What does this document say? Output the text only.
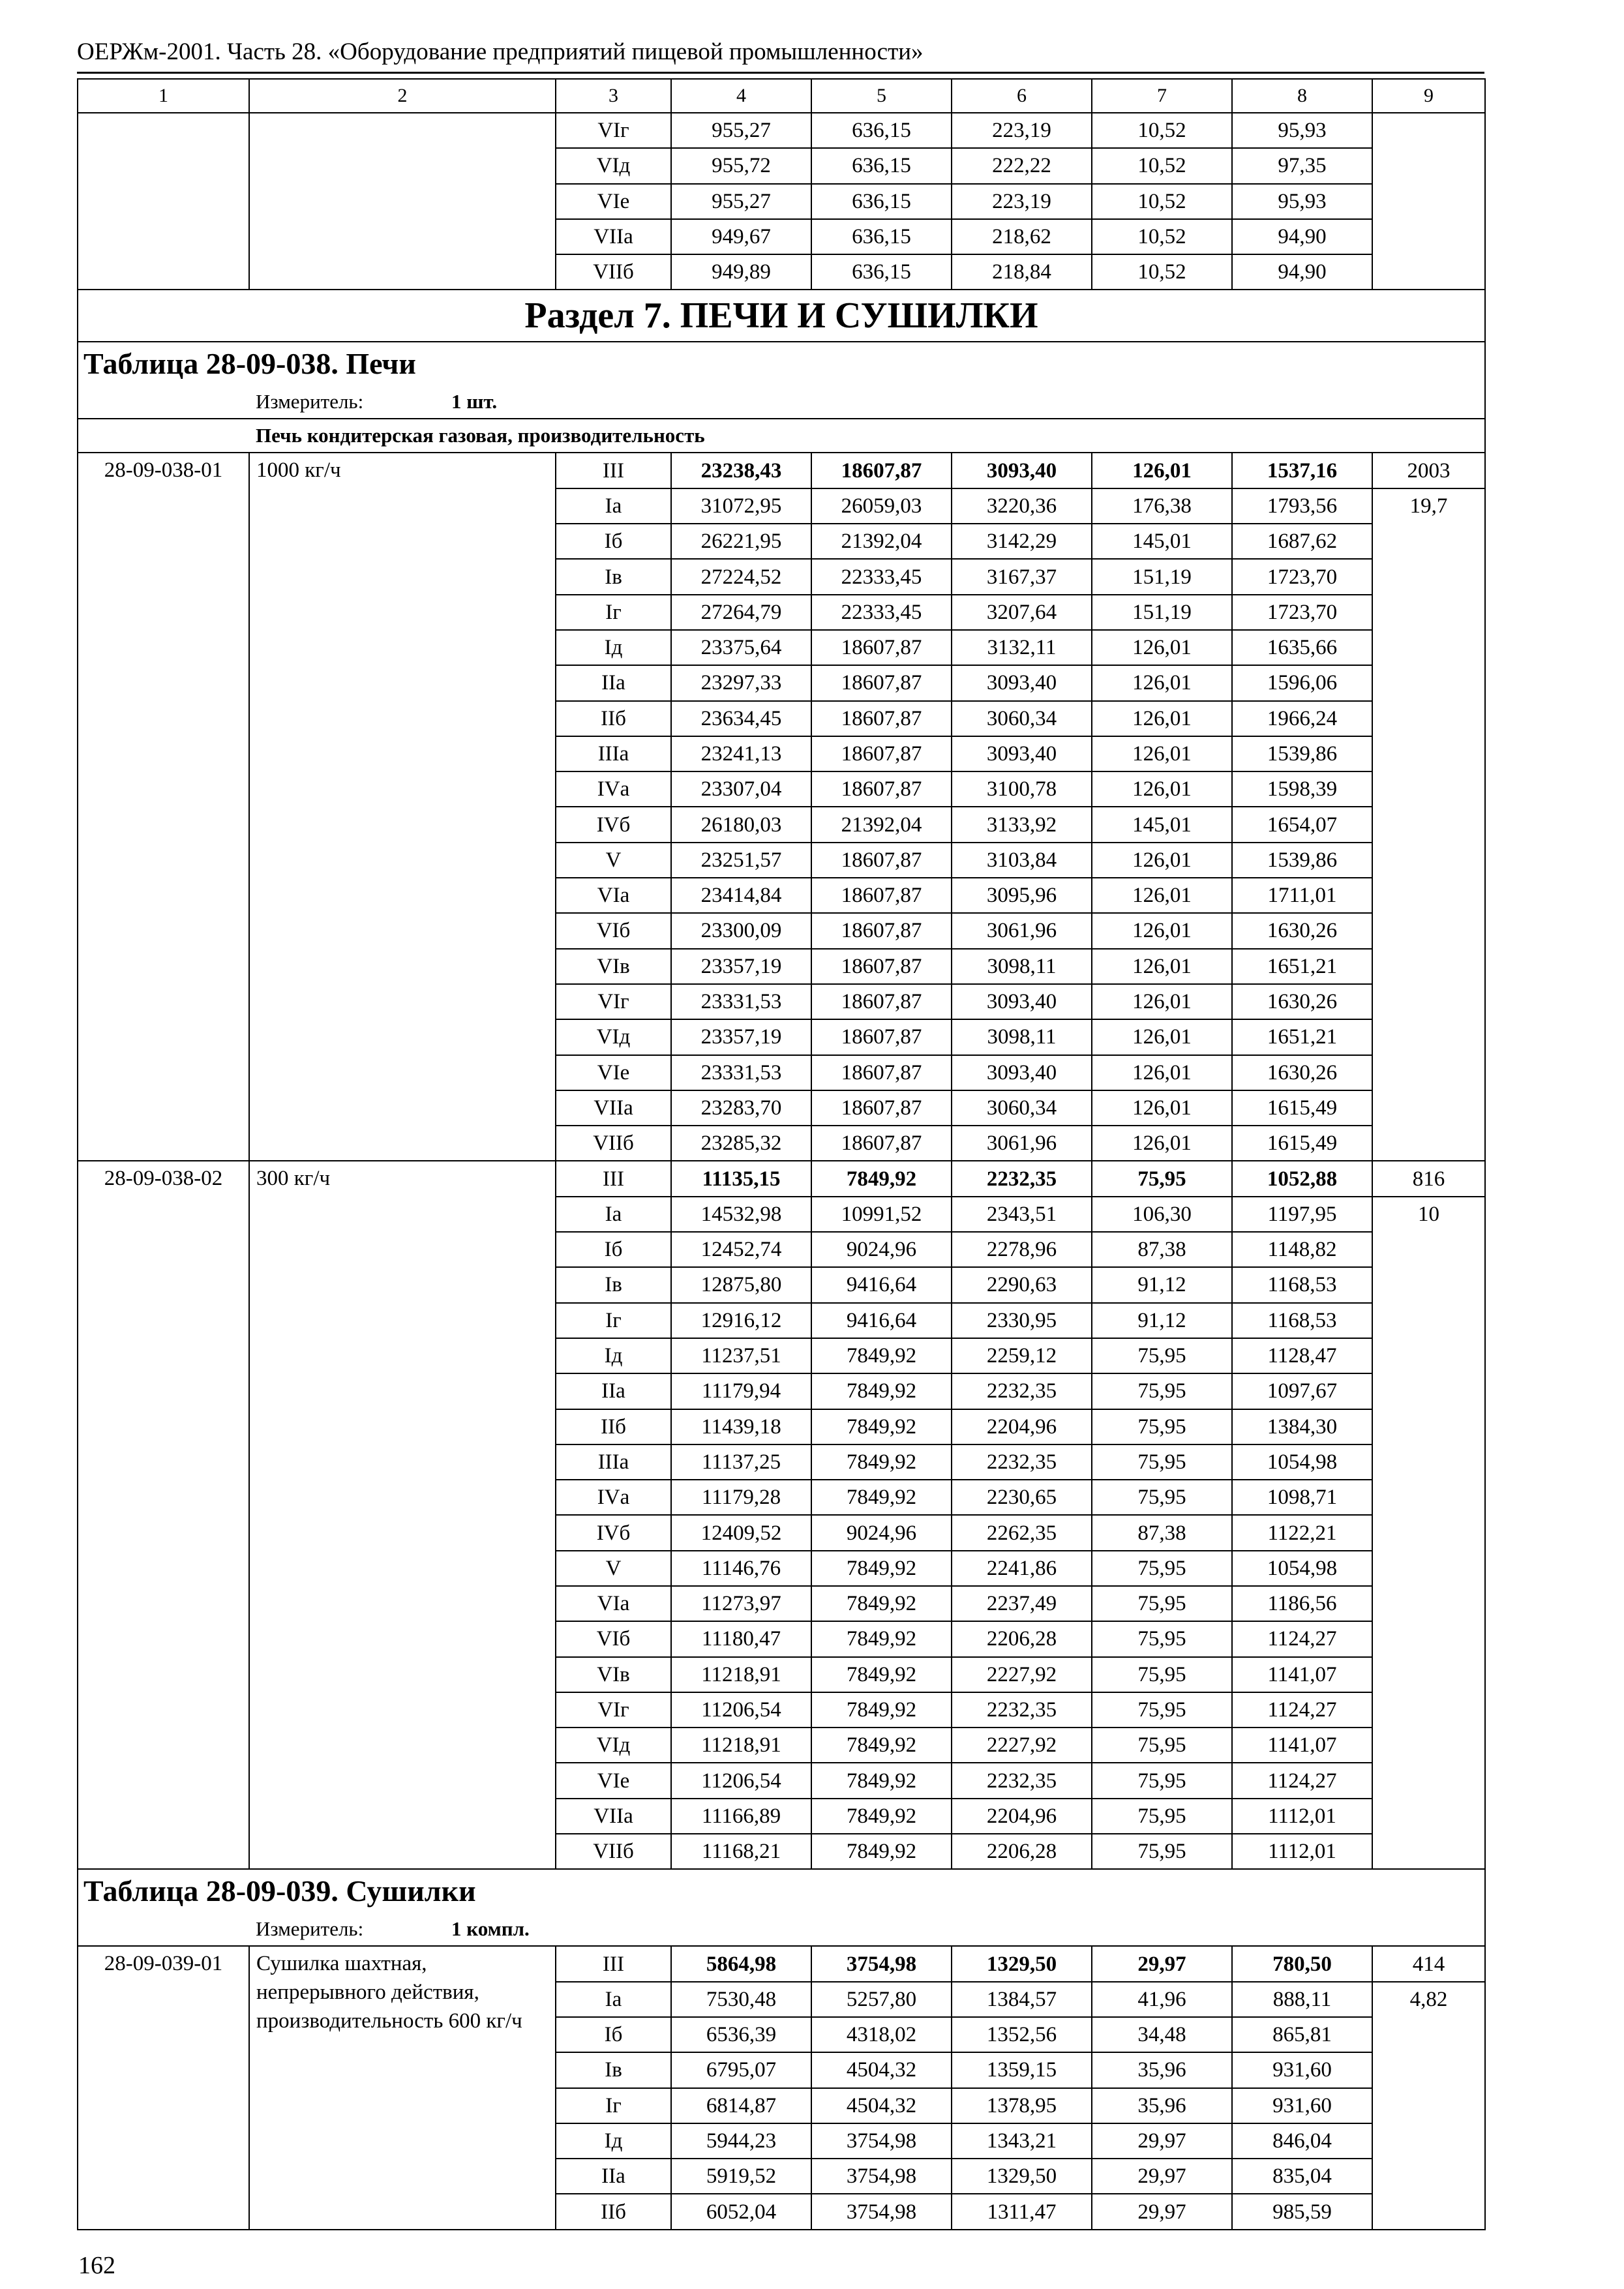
ОЕРЖм-2001. Часть 28. «Оборудование предприятий пищевой промышленности»
1	2	3	4	5	6	7	8	9
		VIг	955,27	636,15	223,19	10,52	95,93	
		VIд	955,72	636,15	222,22	10,52	97,35	
		VIе	955,27	636,15	223,19	10,52	95,93	
		VIIа	949,67	636,15	218,62	10,52	94,90	
		VIIб	949,89	636,15	218,84	10,52	94,90	
Раздел 7. ПЕЧИ И СУШИЛКИ								
Таблица 28-09-038. Печи								
Измеритель: 1 шт.								
Печь кондитерская газовая, производительность								
28-09-038-01	1000 кг/ч	III	23238,43	18607,87	3093,40	126,01	1537,16	2003
		Iа	31072,95	26059,03	3220,36	176,38	1793,56	19,7
		Iб	26221,95	21392,04	3142,29	145,01	1687,62	
		Iв	27224,52	22333,45	3167,37	151,19	1723,70	
		Iг	27264,79	22333,45	3207,64	151,19	1723,70	
		Iд	23375,64	18607,87	3132,11	126,01	1635,66	
		IIа	23297,33	18607,87	3093,40	126,01	1596,06	
		IIб	23634,45	18607,87	3060,34	126,01	1966,24	
		IIIа	23241,13	18607,87	3093,40	126,01	1539,86	
		IVа	23307,04	18607,87	3100,78	126,01	1598,39	
		IVб	26180,03	21392,04	3133,92	145,01	1654,07	
		V	23251,57	18607,87	3103,84	126,01	1539,86	
		VIа	23414,84	18607,87	3095,96	126,01	1711,01	
		VIб	23300,09	18607,87	3061,96	126,01	1630,26	
		VIв	23357,19	18607,87	3098,11	126,01	1651,21	
		VIг	23331,53	18607,87	3093,40	126,01	1630,26	
		VIд	23357,19	18607,87	3098,11	126,01	1651,21	
		VIе	23331,53	18607,87	3093,40	126,01	1630,26	
		VIIа	23283,70	18607,87	3060,34	126,01	1615,49	
		VIIб	23285,32	18607,87	3061,96	126,01	1615,49	
28-09-038-02	300 кг/ч	III	11135,15	7849,92	2232,35	75,95	1052,88	816
		Iа	14532,98	10991,52	2343,51	106,30	1197,95	10
		Iб	12452,74	9024,96	2278,96	87,38	1148,82	
		Iв	12875,80	9416,64	2290,63	91,12	1168,53	
		Iг	12916,12	9416,64	2330,95	91,12	1168,53	
		Iд	11237,51	7849,92	2259,12	75,95	1128,47	
		IIа	11179,94	7849,92	2232,35	75,95	1097,67	
		IIб	11439,18	7849,92	2204,96	75,95	1384,30	
		IIIа	11137,25	7849,92	2232,35	75,95	1054,98	
		IVа	11179,28	7849,92	2230,65	75,95	1098,71	
		IVб	12409,52	9024,96	2262,35	87,38	1122,21	
		V	11146,76	7849,92	2241,86	75,95	1054,98	
		VIа	11273,97	7849,92	2237,49	75,95	1186,56	
		VIб	11180,47	7849,92	2206,28	75,95	1124,27	
		VIв	11218,91	7849,92	2227,92	75,95	1141,07	
		VIг	11206,54	7849,92	2232,35	75,95	1124,27	
		VIд	11218,91	7849,92	2227,92	75,95	1141,07	
		VIе	11206,54	7849,92	2232,35	75,95	1124,27	
		VIIа	11166,89	7849,92	2204,96	75,95	1112,01	
		VIIб	11168,21	7849,92	2206,28	75,95	1112,01	
Таблица 28-09-039. Сушилки								
Измеритель: 1 компл.								
28-09-039-01	Сушилка шахтная, непрерывного действия, производительность 600 кг/ч	III	5864,98	3754,98	1329,50	29,97	780,50	414
		Iа	7530,48	5257,80	1384,57	41,96	888,11	4,82
		Iб	6536,39	4318,02	1352,56	34,48	865,81	
		Iв	6795,07	4504,32	1359,15	35,96	931,60	
		Iг	6814,87	4504,32	1378,95	35,96	931,60	
		Iд	5944,23	3754,98	1343,21	29,97	846,04	
		IIа	5919,52	3754,98	1329,50	29,97	835,04	
		IIб	6052,04	3754,98	1311,47	29,97	985,59	
162
